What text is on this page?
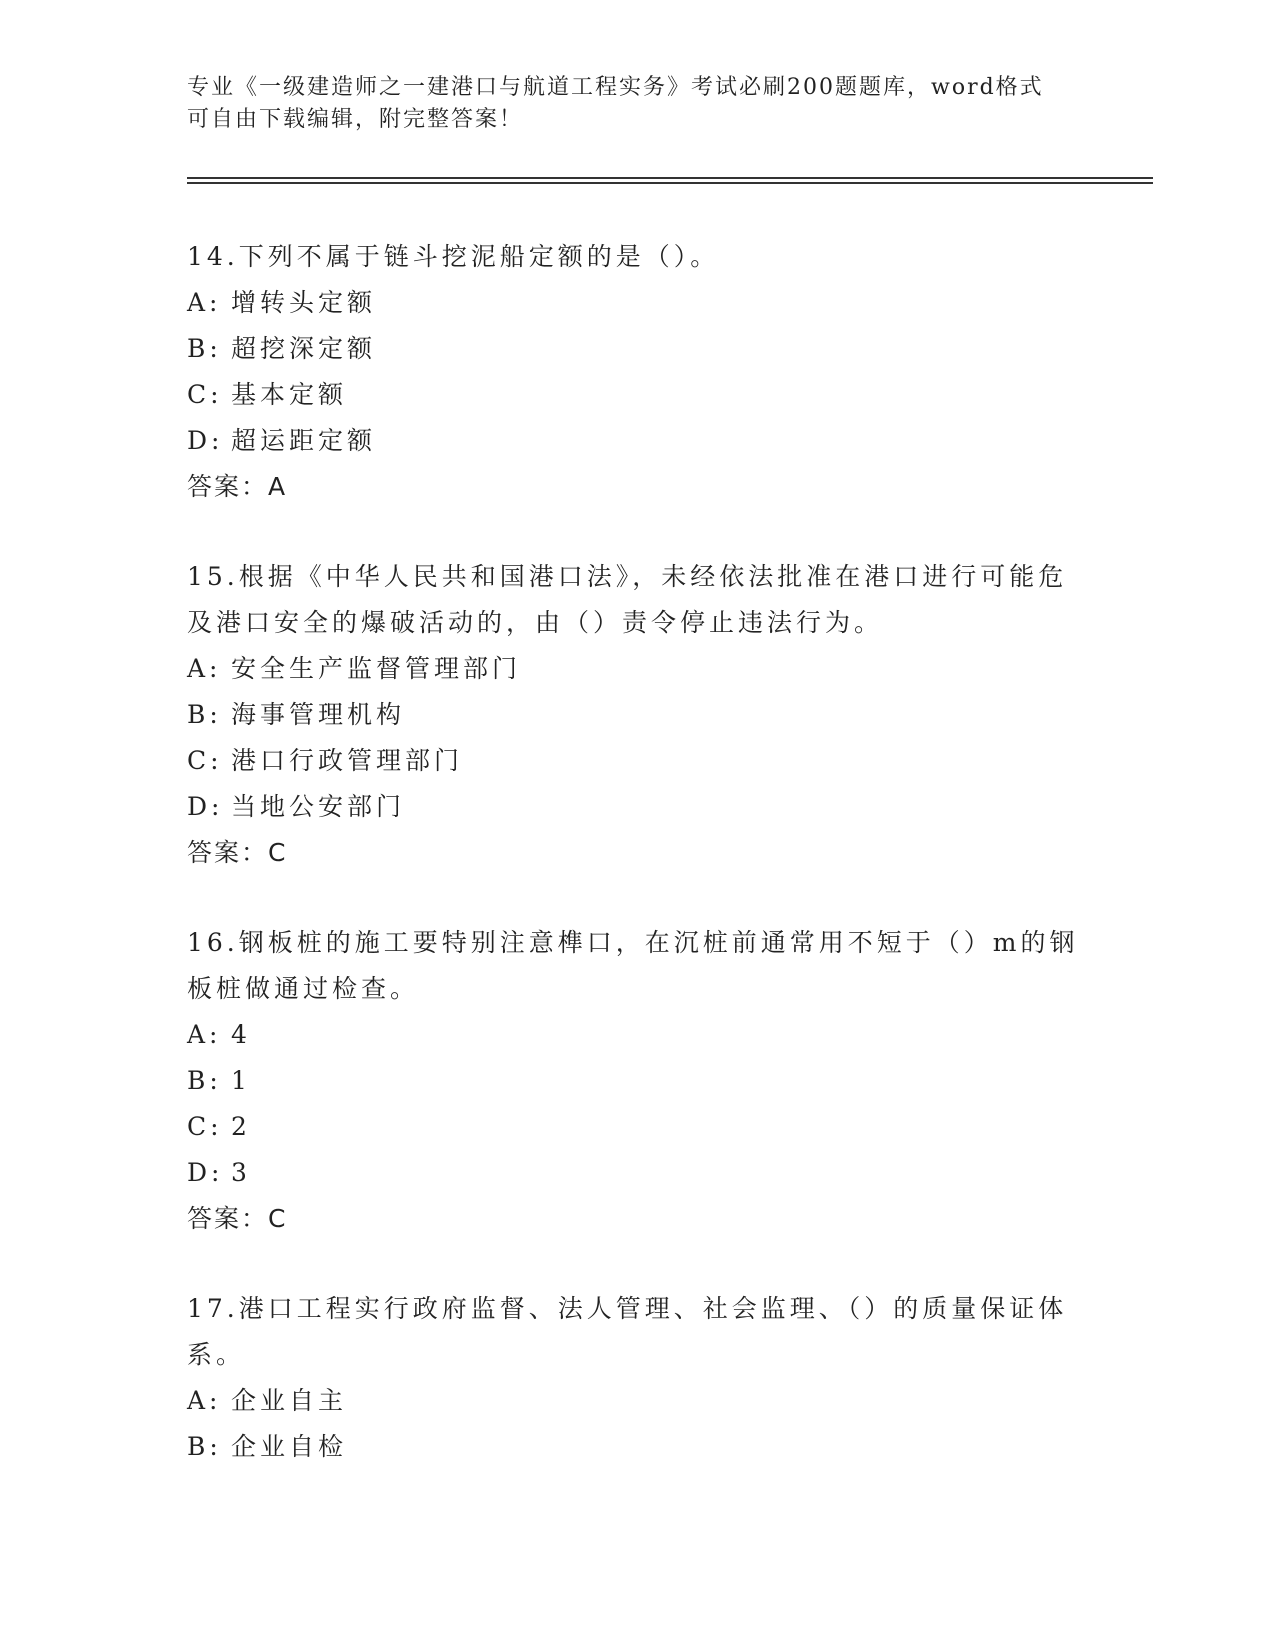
专业《一级建造师之一建港口与航道工程实务》考试必刷200题题库，word格式可自由下载编辑，附完整答案！

14.下列不属于链斗挖泥船定额的是（）。

A: 增转头定额

B: 超挖深定额

C: 基本定额

D: 超运距定额

答案：A

15.根据《中华人民共和国港口法》，未经依法批准在港口进行可能危及港口安全的爆破活动的，由（）责令停止违法行为。

A: 安全生产监督管理部门

B: 海事管理机构

C: 港口行政管理部门

D: 当地公安部门

答案：C

16.钢板桩的施工要特别注意榫口，在沉桩前通常用不短于（）m的钢板桩做通过检查。

A: 4

B: 1

C: 2

D: 3

答案：C

17.港口工程实行政府监督、法人管理、社会监理、（）的质量保证体系。

A: 企业自主

B: 企业自检
